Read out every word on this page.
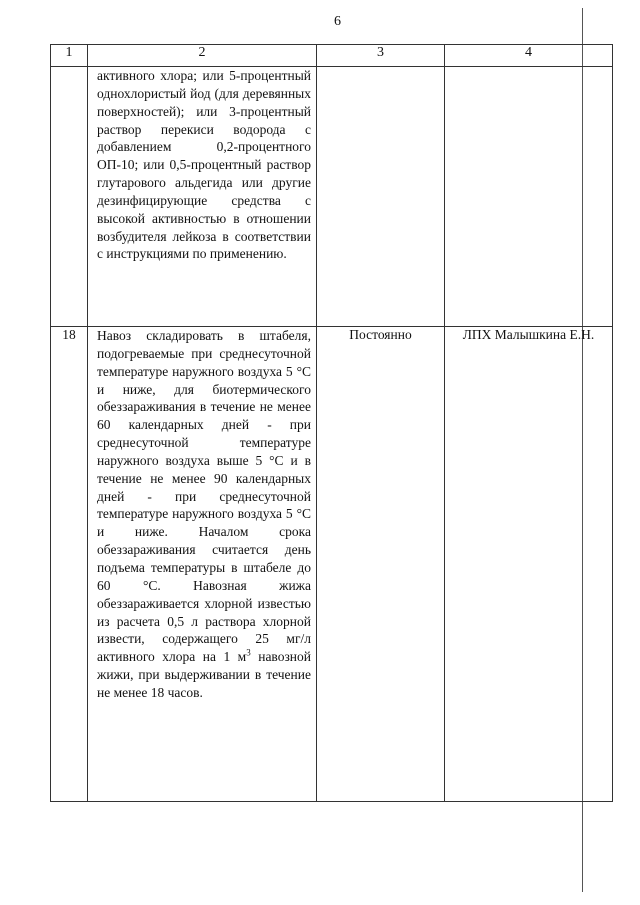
6
1	2	3	4

	активного хлора; или 5-процентный однохлористый йод (для деревянных поверхностей); или 3-процентный раствор перекиси водорода с добавлением 0,2-процентного ОП-10; или 0,5-процентный раствор глутарового альдегида или другие дезинфицирующие средства с высокой активностью в отношении возбудителя лейкоза в соответствии с инструкциями по применению.		

18	Навоз складировать в штабеля, подогреваемые при среднесуточной температуре наружного воздуха 5 °С и ниже, для биотермического обеззараживания в течение не менее 60 календарных дней - при среднесуточной температуре наружного воздуха выше 5 °С и в течение не менее 90 календарных дней - при среднесуточной температуре наружного воздуха 5 °С и ниже. Началом срока обеззараживания считается день подъема температуры в штабеле до 60 °С. Навозная жижа обеззараживается хлорной известью из расчета 0,5 л раствора хлорной извести, содержащего 25 мг/л активного хлора на 1 $м^3$ навозной жижи, при выдерживании в течение не менее 18 часов.	Постоянно	ЛПХ Малышкина Е.Н.
